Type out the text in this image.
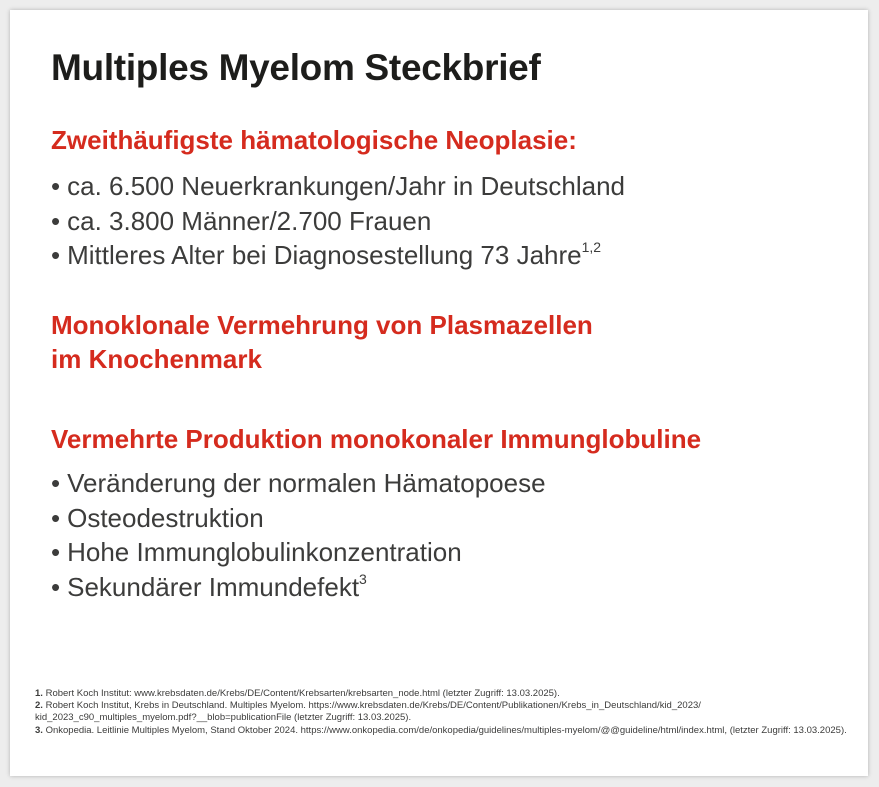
Multiples Myelom Steckbrief
Zweithäufigste hämatologische Neoplasie:
• ca. 6.500 Neuerkrankungen/Jahr in Deutschland
• ca. 3.800 Männer/2.700 Frauen
• Mittleres Alter bei Diagnosestellung 73 Jahre$^{1,2}$
Monoklonale Vermehrung von Plasmazellen
im Knochenmark
Vermehrte Produktion monokonaler Immunglobuline
• Veränderung der normalen Hämatopoese
• Osteodestruktion
• Hohe Immunglobulinkonzentration
• Sekundärer Immundefekt$^3$

1. Robert Koch Institut: www.krebsdaten.de/Krebs/DE/Content/Krebsarten/krebsarten_node.html (letzter Zugriff: 13.03.2025).

2. Robert Koch Institut, Krebs in Deutschland. Multiples Myelom. https://www.krebsdaten.de/Krebs/DE/Content/Publikationen/Krebs_in_Deutschland/kid_2023/ kid_2023_c90_multiples_myelom.pdf?__blob=publicationFile (letzter Zugriff: 13.03.2025).

3. Onkopedia. Leitlinie Multiples Myelom, Stand Oktober 2024. https://www.onkopedia.com/de/onkopedia/guidelines/multiples-myelom/@@guideline/html/index.html, (letzter Zugriff: 13.03.2025).
